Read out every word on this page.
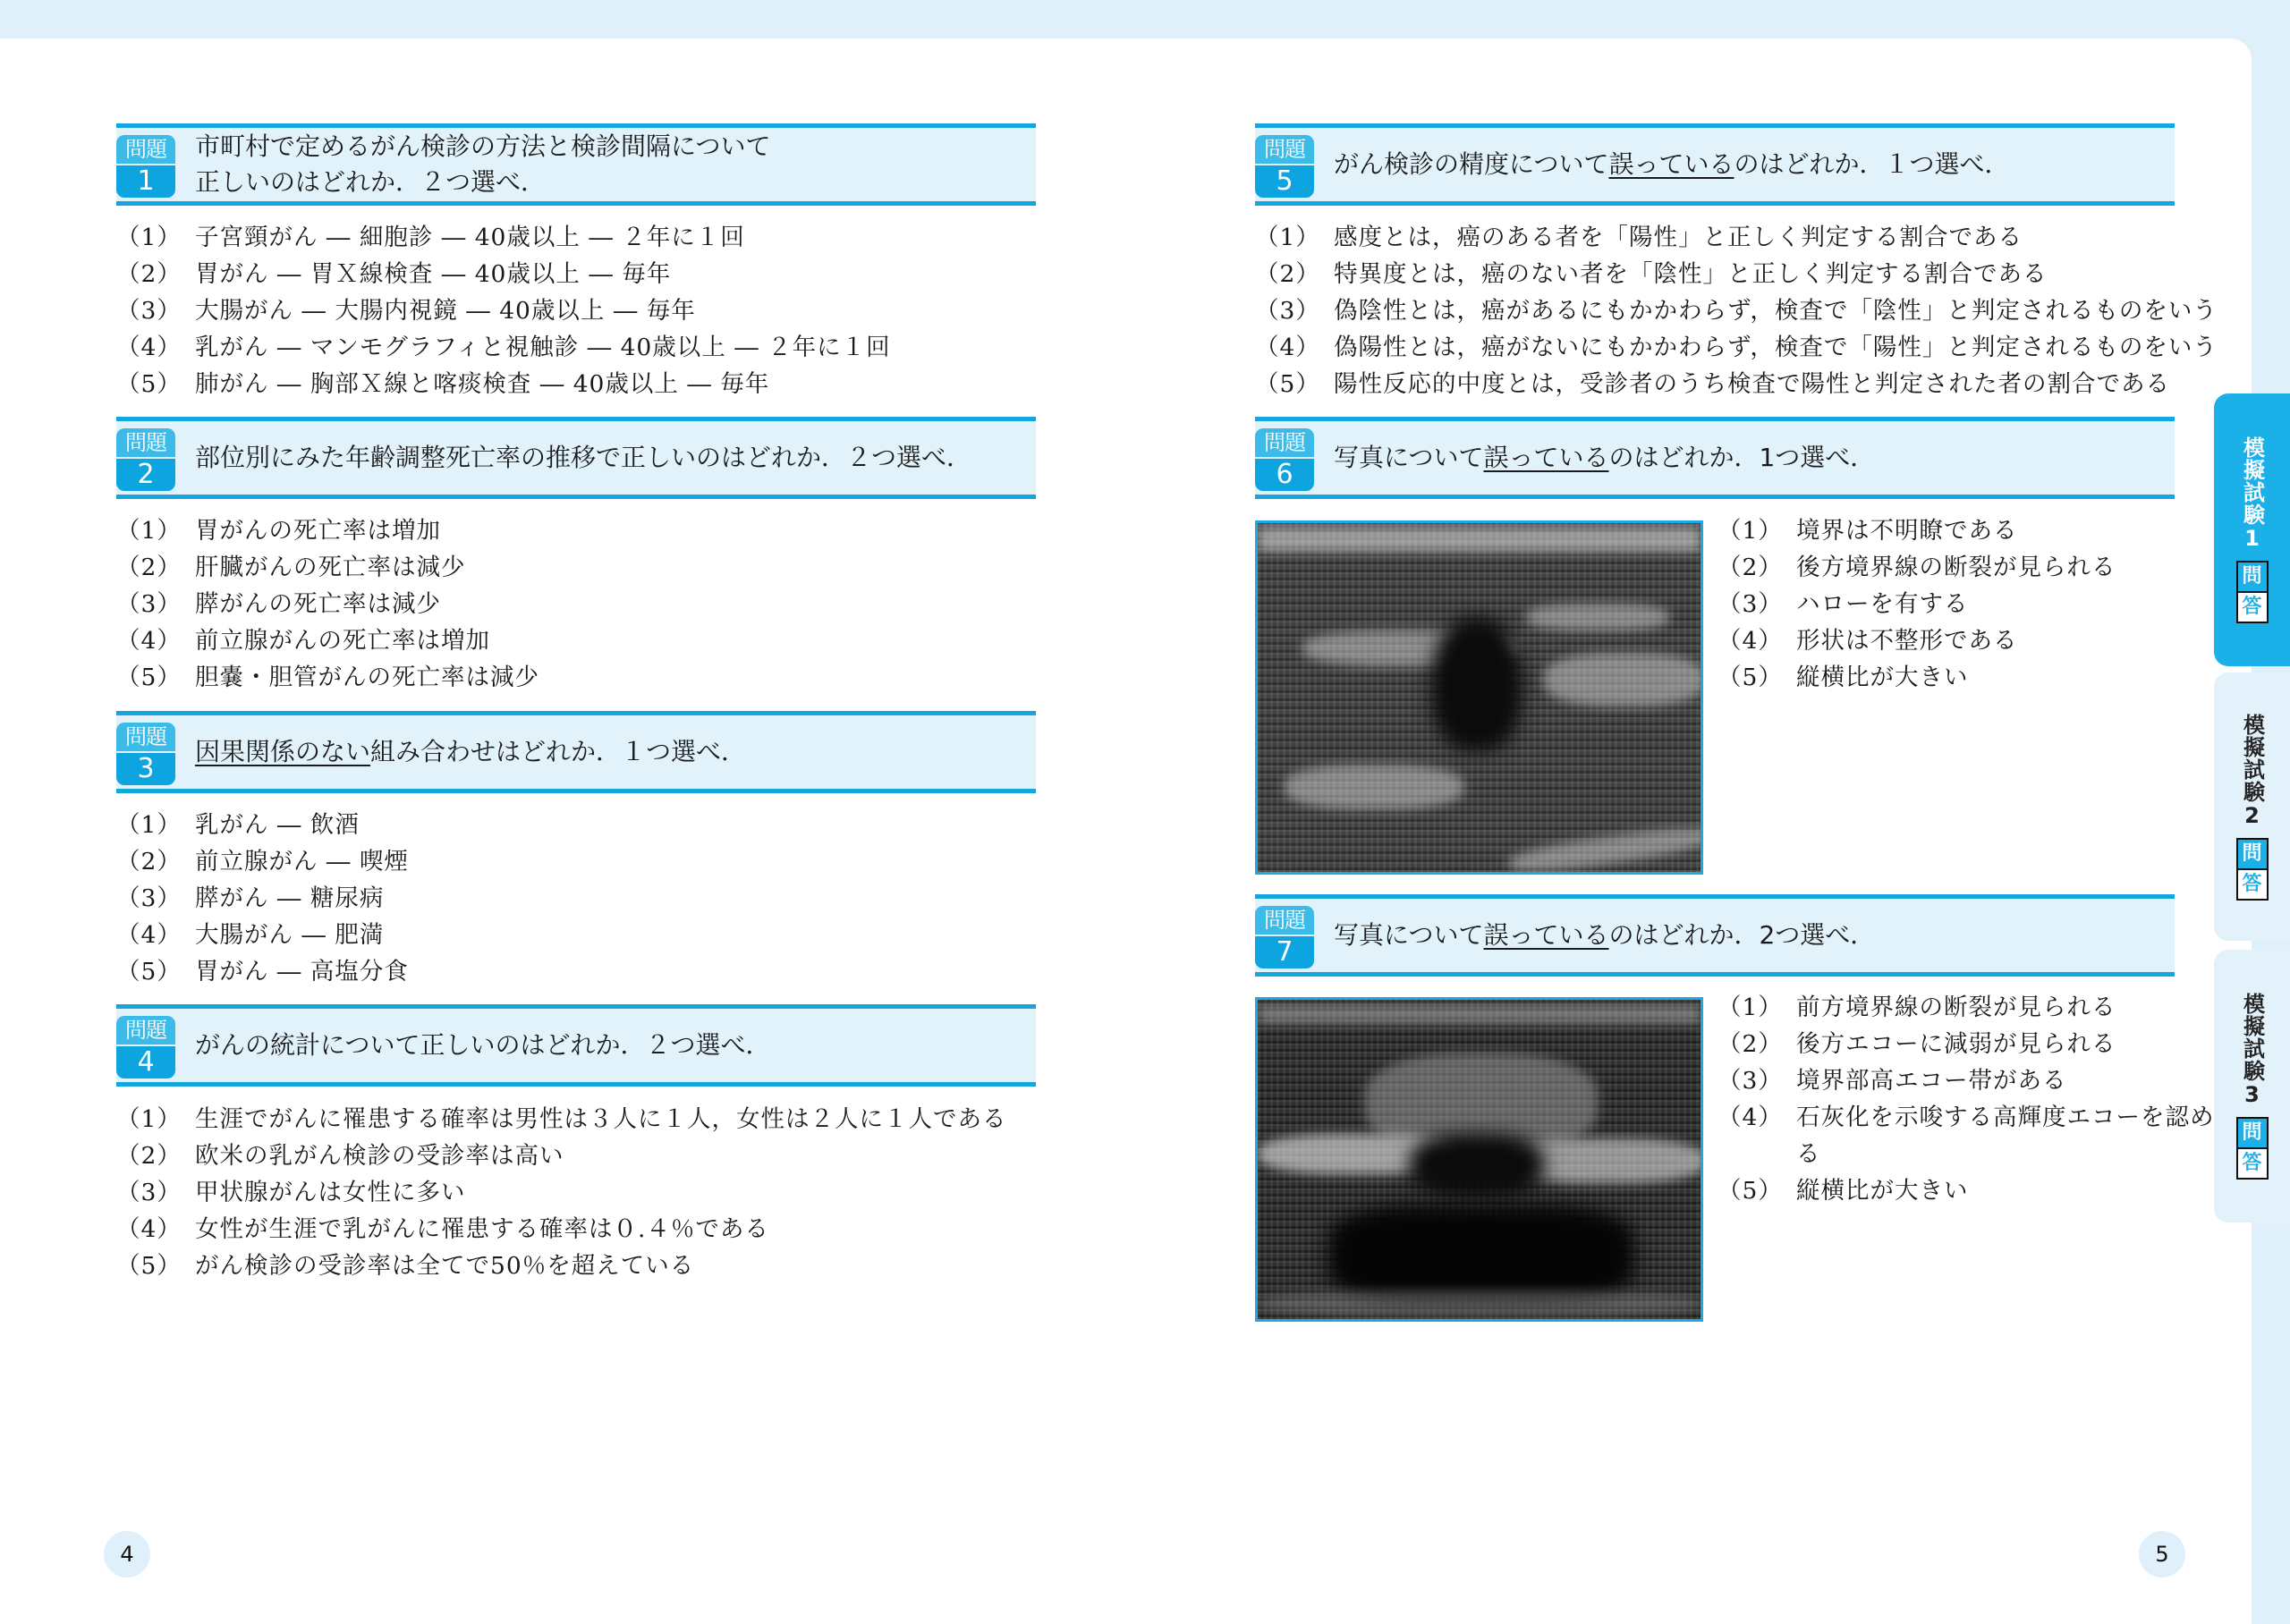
問題
1
市町村で定めるがん検診の方法と検診間隔について
正しいのはどれか．２つ選べ．
（1） 子宮頸がん ― 細胞診 ― 40歳以上 ― ２年に１回
（2） 胃がん ― 胃Ｘ線検査 ― 40歳以上 ― 毎年
（3） 大腸がん ― 大腸内視鏡 ― 40歳以上 ― 毎年
（4） 乳がん ― マンモグラフィと視触診 ― 40歳以上 ― ２年に１回
（5） 肺がん ― 胸部Ｘ線と喀痰検査 ― 40歳以上 ― 毎年
問題
2
部位別にみた年齢調整死亡率の推移で正しいのはどれか．２つ選べ．
（1） 胃がんの死亡率は増加
（2） 肝臓がんの死亡率は減少
（3） 膵がんの死亡率は減少
（4） 前立腺がんの死亡率は増加
（5） 胆嚢・胆管がんの死亡率は減少
問題
3
因果関係のない組み合わせはどれか．１つ選べ．
（1） 乳がん ― 飲酒
（2） 前立腺がん ― 喫煙
（3） 膵がん ― 糖尿病
（4） 大腸がん ― 肥満
（5） 胃がん ― 高塩分食
問題
4
がんの統計について正しいのはどれか．２つ選べ．
（1） 生涯でがんに罹患する確率は男性は３人に１人，女性は２人に１人である
（2） 欧米の乳がん検診の受診率は高い
（3） 甲状腺がんは女性に多い
（4） 女性が生涯で乳がんに罹患する確率は０.４％である
（5） がん検診の受診率は全てで50％を超えている
4
問題
5
がん検診の精度について誤っているのはどれか．１つ選べ．
（1） 感度とは，癌のある者を「陽性」と正しく判定する割合である
（2） 特異度とは，癌のない者を「陰性」と正しく判定する割合である
（3） 偽陰性とは，癌があるにもかかわらず，検査で「陰性」と判定されるものをいう
（4） 偽陽性とは，癌がないにもかかわらず，検査で「陽性」と判定されるものをいう
（5） 陽性反応的中度とは，受診者のうち検査で陽性と判定された者の割合である
問題
6
写真について誤っているのはどれか．1つ選べ．
（1） 境界は不明瞭である
（2） 後方境界線の断裂が見られる
（3） ハローを有する
（4） 形状は不整形である
（5） 縦横比が大きい
問題
7
写真について誤っているのはどれか．2つ選べ．
（1） 前方境界線の断裂が見られる
（2） 後方エコーに減弱が見られる
（3） 境界部高エコー帯がある
（4） 石灰化を示唆する高輝度エコーを認め
る
（5） 縦横比が大きい
5
模擬試験1
問
答
模擬試験2
問
答
模擬試験3
問
答
